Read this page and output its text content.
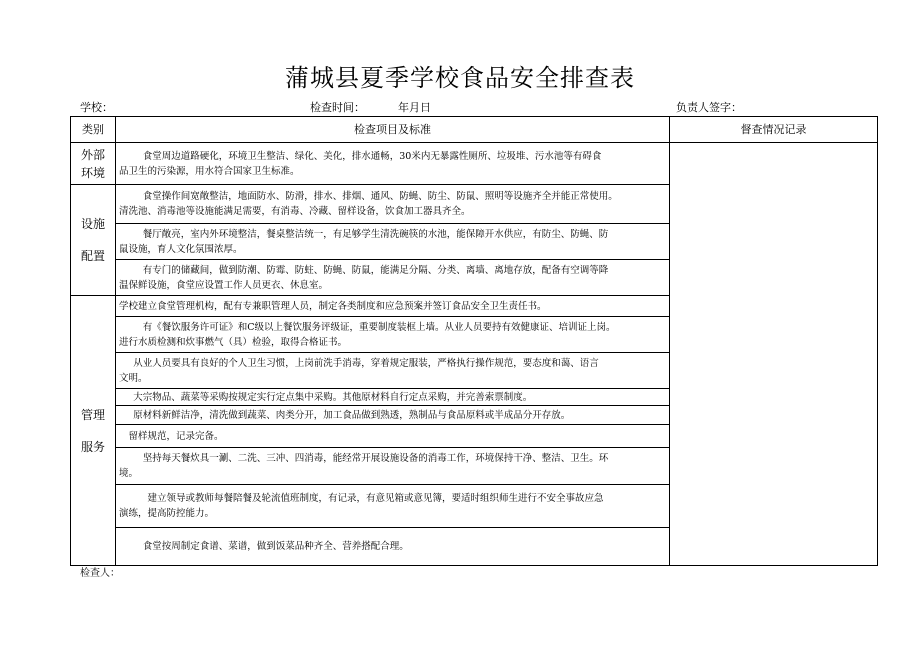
蒲城县夏季学校食品安全排查表
学校：	检查时间：	年月日	负责人签字：
类别	检查项目及标准	督查情况记录

外部
环境	食堂周边道路硬化，环境卫生整洁、绿化、美化，排水通畅，30米内无暴露性厕所、垃圾堆、污水池等有碍食
品卫生的污染源，用水符合国家卫生标准。	

设施
配置	食堂操作间宽敞整洁，地面防水、防滑，排水、排烟、通风、防蝇、防尘、防鼠、照明等设施齐全并能正常使用。
清洗池、消毒池等设施能满足需要，有消毒、冷藏、留样设备，饮食加工器具齐全。	

	餐厅敞亮，室内外环境整洁，餐桌整洁统一，有足够学生清洗碗筷的水池，能保障开水供应，有防尘、防蝇、防
鼠设施，育人文化氛围浓厚。	

	有专门的储藏间，做到防潮、防霉、防蛀、防蝇、防鼠，能满足分隔、分类、离墙、离地存放，配备有空调等降
温保鲜设施，食堂应设置工作人员更衣、休息室。	

管理
服务	学校建立食堂管理机构，配有专兼职管理人员，制定各类制度和应急预案并签订食品安全卫生责任书。	

	有《餐饮服务许可证》和C级以上餐饮服务评级证，重要制度装框上墙。从业人员要持有效健康证、培训证上岗。
进行水质检测和炊事燃气（具）检验，取得合格证书。	

	从业人员要具有良好的个人卫生习惯，上岗前洗手消毒，穿着规定服装，严格执行操作规范，要态度和蔼、语言
文明。	

	大宗物品、蔬菜等采购按规定实行定点集中采购。其他原材料自行定点采购，并完善索票制度。	

	原材料新鲜洁净，清洗做到蔬菜、肉类分开，加工食品做到熟透，熟制品与食品原料或半成品分开存放。	

	留样规范，记录完备。	

	坚持每天餐炊具一涮、二洗、三冲、四消毒，能经常开展设施设备的消毒工作，环境保持干净、整洁、卫生。环
境。	

	建立领导或教师每餐陪餐及轮流值班制度，有记录，有意见箱或意见簿，要适时组织师生进行不安全事故应急
演练，提高防控能力。	

	食堂按周制定食谱、菜谱，做到饭菜品种齐全、营养搭配合理。	
检查人：
